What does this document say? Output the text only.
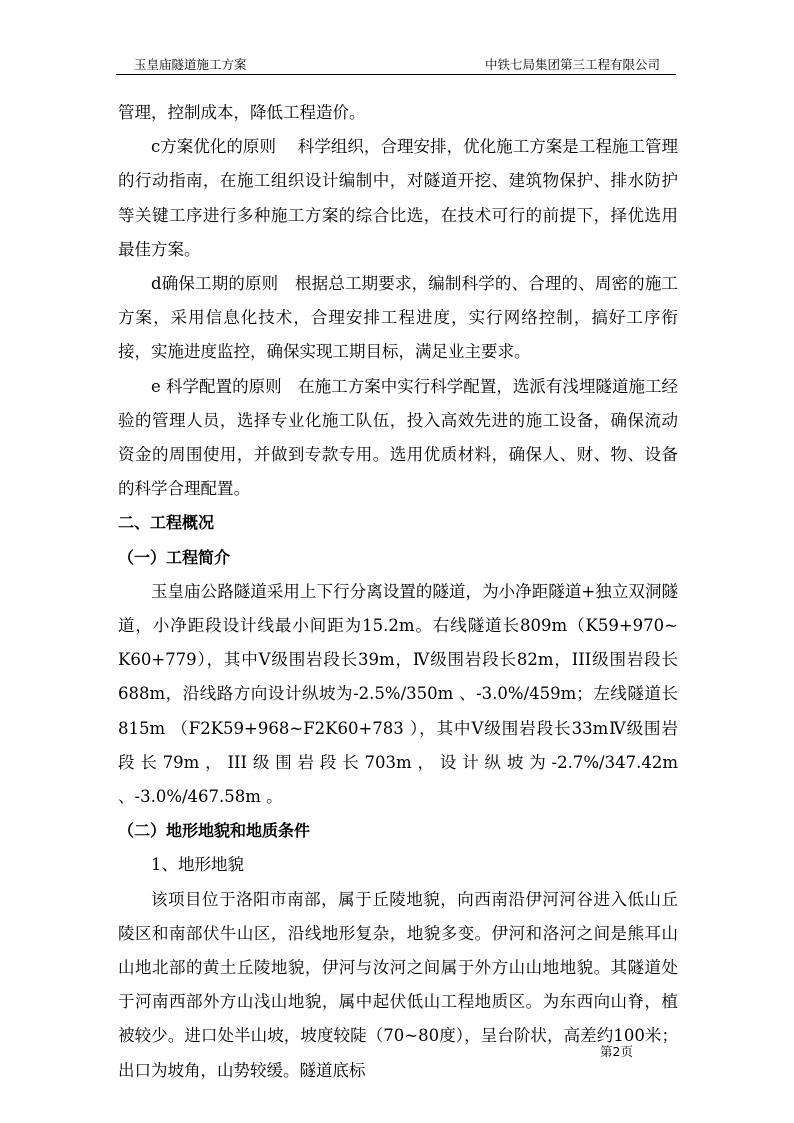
玉皇庙隧道施工方案	中铁七局集团第三工程有限公司

管理，控制成本，降低工程造价。

c方案优化的原则　 科学组织，合理安排，优化施工方案是工程施工管理的行动指南，在施工组织设计编制中，对隧道开挖、建筑物保护、排水防护等关键工序进行多种施工方案的综合比选，在技术可行的前提下，择优选用最佳方案。

d确保工期的原则　根据总工期要求，编制科学的、合理的、周密的施工方案，采用信息化技术，合理安排工程进度，实行网络控制，搞好工序衔接，实施进度监控，确保实现工期目标，满足业主要求。

e 科学配置的原则　在施工方案中实行科学配置，选派有浅埋隧道施工经验的管理人员，选择专业化施工队伍，投入高效先进的施工设备，确保流动资金的周围使用，并做到专款专用。选用优质材料，确保人、财、物、设备的科学合理配置。

二、工程概况

（一）工程简介

玉皇庙公路隧道采用上下行分离设置的隧道，为小净距隧道+独立双洞隧道，小净距段设计线最小间距为15.2m。右线隧道长809m（K59+970~ K60+779），其中V级围岩段长39m，Ⅳ级围岩段长82m，III级围岩段长688m，沿线路方向设计纵坡为-2.5%/350m 、-3.0%/459m；左线隧道长815m （F2K59+968~F2K60+783 ），其中V级围岩段长33mⅣ级围岩段长79m，III级围岩段长703m，设计纵坡为-2.7%/347.42m 、-3.0%/467.58m 。

（二）地形地貌和地质条件

1、地形地貌

该项目位于洛阳市南部，属于丘陵地貌，向西南沿伊河河谷进入低山丘陵区和南部伏牛山区，沿线地形复杂，地貌多变。伊河和洛河之间是熊耳山山地北部的黄土丘陵地貌，伊河与汝河之间属于外方山山地地貌。其隧道处于河南西部外方山浅山地貌，属中起伏低山工程地质区。为东西向山脊，植被较少。进口处半山坡，坡度较陡（70~80度），呈台阶状，高差约100米；出口为坡角，山势较缓。隧道底标

第2页
